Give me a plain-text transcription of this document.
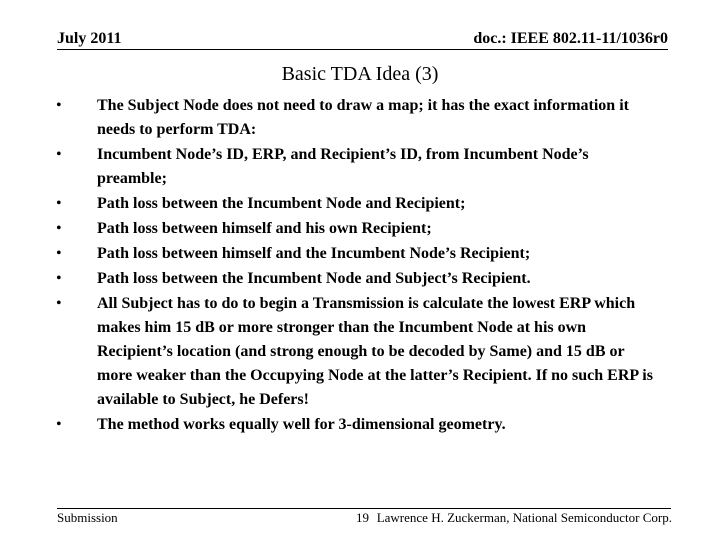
July 2011	doc.: IEEE 802.11-11/1036r0
Basic TDA Idea (3)
•	The Subject Node does not need to draw a map; it has the exact information it needs to perform TDA:
•	Incumbent Node’s ID, ERP, and Recipient’s ID, from Incumbent Node’s preamble;
•	Path loss between the Incumbent Node and Recipient;
•	Path loss between himself and his own Recipient;
•	Path loss between himself and the Incumbent Node’s Recipient;
•	Path loss between the Incumbent Node and Subject’s Recipient.
•	All Subject has to do to begin a Transmission is calculate the lowest ERP which makes him 15 dB or more stronger than the Incumbent Node at his own Recipient’s location (and strong enough to be decoded by Same) and 15 dB or more weaker than the Occupying Node at the latter’s Recipient. If no such ERP is available to Subject, he Defers!
•	The method works equally well for 3-dimensional geometry.
Submission	19 Lawrence H. Zuckerman, National Semiconductor Corp.
